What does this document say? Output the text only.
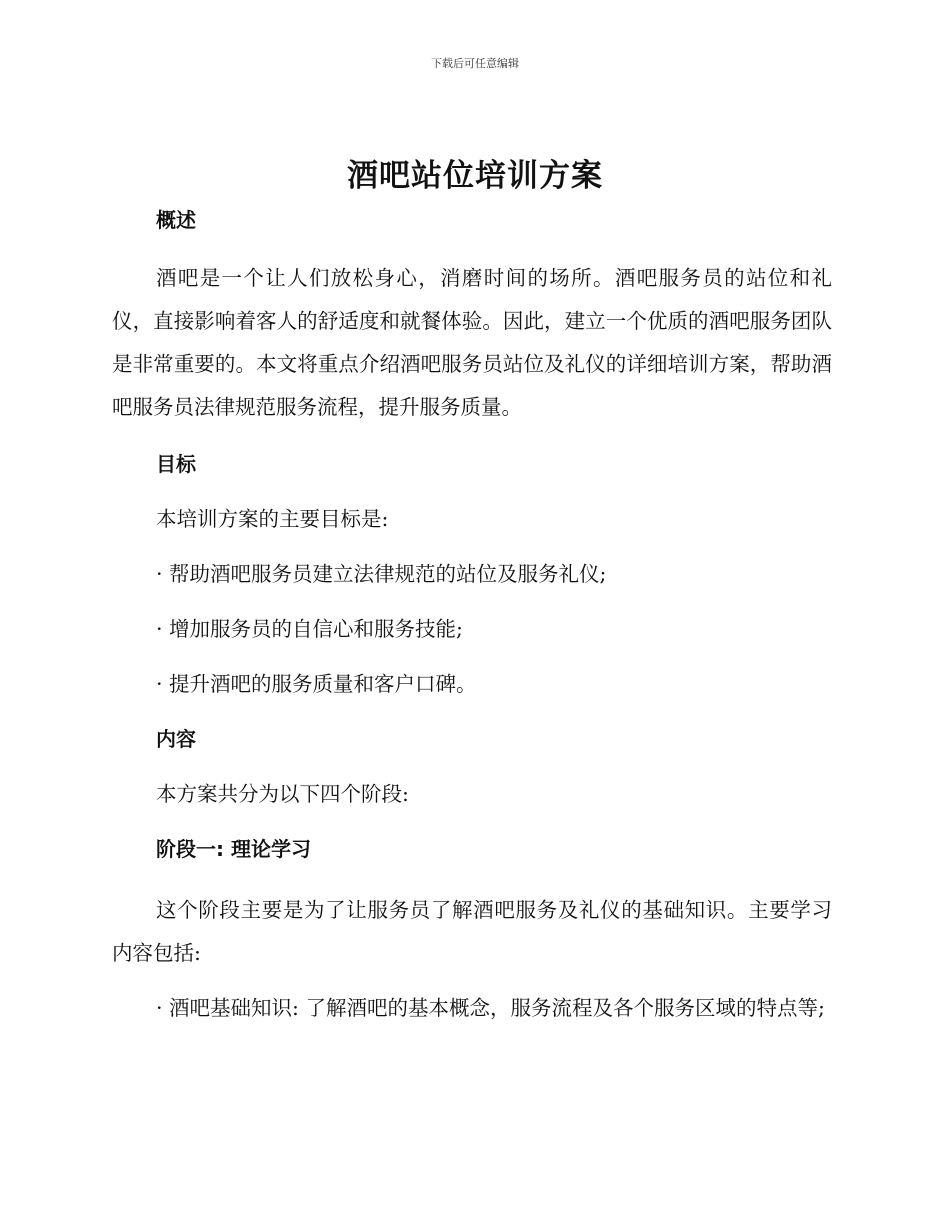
下载后可任意编辑
酒吧站位培训方案
概述

酒吧是一个让人们放松身心，消磨时间的场所。酒吧服务员的站位和礼仪，直接影响着客人的舒适度和就餐体验。因此，建立一个优质的酒吧服务团队是非常重要的。本文将重点介绍酒吧服务员站位及礼仪的详细培训方案，帮助酒吧服务员法律规范服务流程，提升服务质量。

目标
本培训方案的主要目标是:
· 帮助酒吧服务员建立法律规范的站位及服务礼仪;
· 增加服务员的自信心和服务技能;
· 提升酒吧的服务质量和客户口碑。
内容
本方案共分为以下四个阶段:
阶段一: 理论学习

这个阶段主要是为了让服务员了解酒吧服务及礼仪的基础知识。主要学习内容包括:

· 酒吧基础知识: 了解酒吧的基本概念，服务流程及各个服务区域的特点等;
